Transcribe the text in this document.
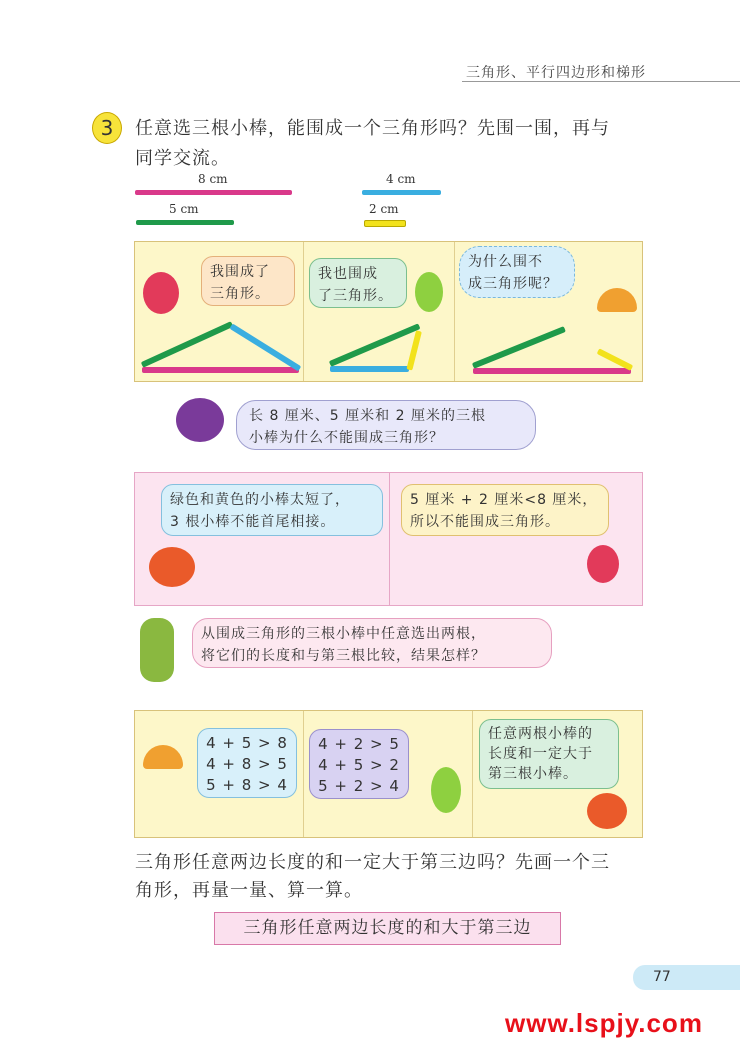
三角形、平行四边形和梯形
3	任意选三根小棒，能围成一个三角形吗？先围一围，再与
同学交流。
8 cm	4 cm
5 cm	2 cm
我围成了
三角形。
我也围成
了三角形。
为什么围不
成三角形呢？
长 8 厘米、5 厘米和 2 厘米的三根
小棒为什么不能围成三角形？
绿色和黄色的小棒太短了，
3 根小棒不能首尾相接。
5 厘米 + 2 厘米<8 厘米，
所以不能围成三角形。
从围成三角形的三根小棒中任意选出两根，
将它们的长度和与第三根比较，结果怎样？
4 + 5 > 8
4 + 8 > 5
5 + 8 > 4
4 + 2 > 5
4 + 5 > 2
5 + 2 > 4
任意两根小棒的
长度和一定大于
第三根小棒。
三角形任意两边长度的和一定大于第三边吗？先画一个三
角形，再量一量、算一算。
三角形任意两边长度的和大于第三边
77
www.lspjy.com
